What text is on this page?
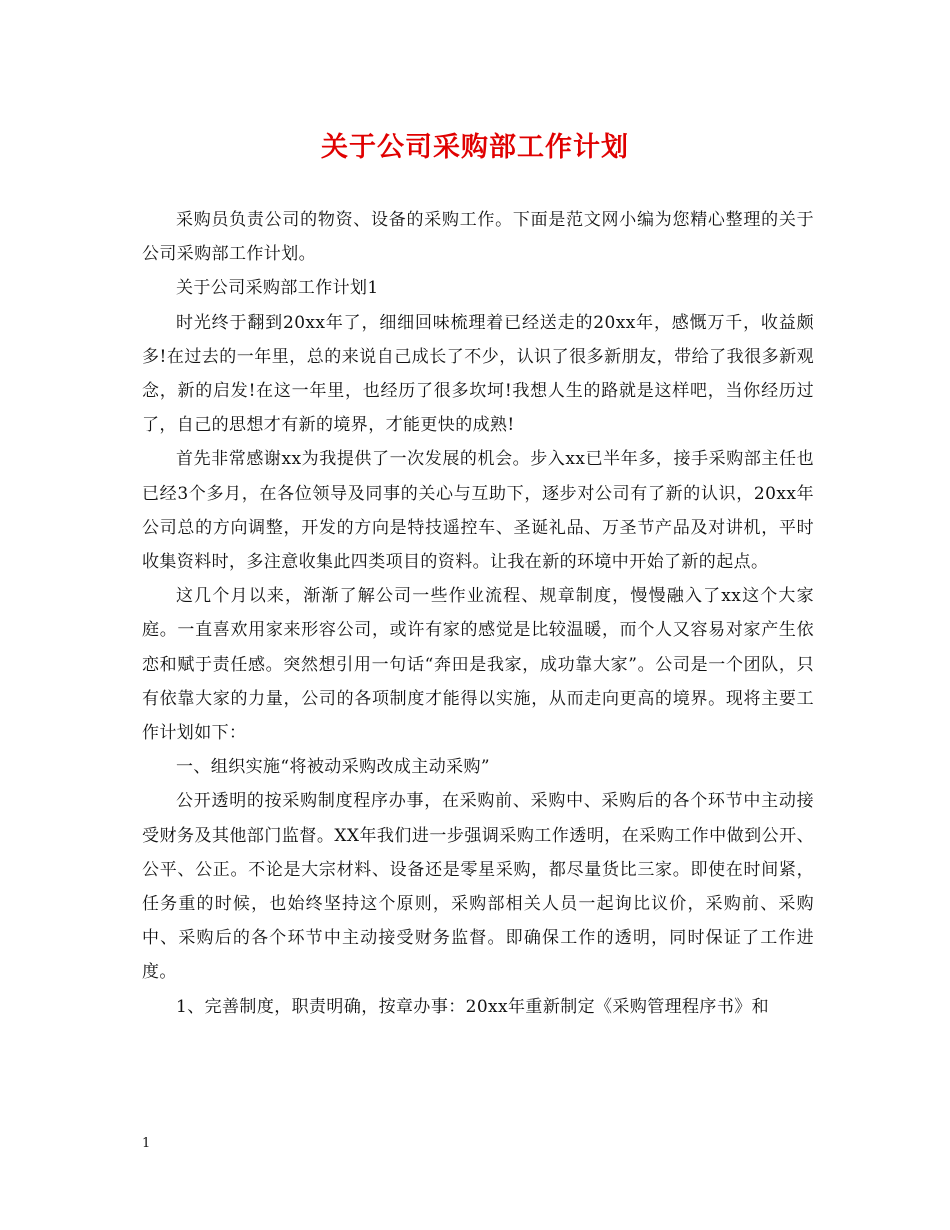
关于公司采购部工作计划

采购员负责公司的物资、设备的采购工作。下面是范文网小编为您精心整理的关于公司采购部工作计划。

关于公司采购部工作计划1

时光终于翻到20xx年了，细细回味梳理着已经送走的20xx年，感慨万千，收益颇多!在过去的一年里，总的来说自己成长了不少，认识了很多新朋友，带给了我很多新观念，新的启发!在这一年里，也经历了很多坎坷!我想人生的路就是这样吧，当你经历过了，自己的思想才有新的境界，才能更快的成熟!

首先非常感谢xx为我提供了一次发展的机会。步入xx已半年多，接手采购部主任也已经3个多月，在各位领导及同事的关心与互助下，逐步对公司有了新的认识，20xx年公司总的方向调整，开发的方向是特技遥控车、圣诞礼品、万圣节产品及对讲机，平时收集资料时，多注意收集此四类项目的资料。让我在新的环境中开始了新的起点。

这几个月以来，渐渐了解公司一些作业流程、规章制度，慢慢融入了xx这个大家庭。一直喜欢用家来形容公司，或许有家的感觉是比较温暖，而个人又容易对家产生依恋和赋于责任感。突然想引用一句话“奔田是我家，成功靠大家”。公司是一个团队，只有依靠大家的力量，公司的各项制度才能得以实施，从而走向更高的境界。现将主要工作计划如下：

一、组织实施“将被动采购改成主动采购”

公开透明的按采购制度程序办事，在采购前、采购中、采购后的各个环节中主动接受财务及其他部门监督。XX年我们进一步强调采购工作透明，在采购工作中做到公开、公平、公正。不论是大宗材料、设备还是零星采购，都尽量货比三家。即使在时间紧，任务重的时候，也始终坚持这个原则，采购部相关人员一起询比议价，采购前、采购中、采购后的各个环节中主动接受财务监督。即确保工作的透明，同时保证了工作进度。

1、完善制度，职责明确，按章办事：20xx年重新制定《采购管理程序书》和

1
